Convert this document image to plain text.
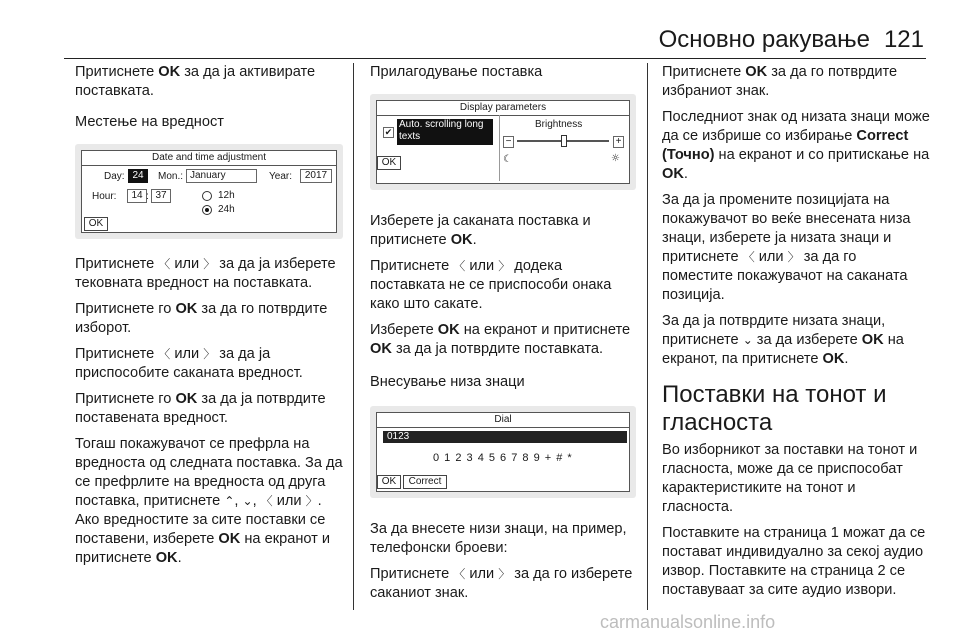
Основно ракување 121

Притиснете OK за да ја активирате поставката.

Местење на вредност
Date and time adjustment
Day: 24	Mon.: January	Year:	2017
Hour:	14 : 37	12h
24h
OK

Притиснете 〈 или 〉 за да ја изберете тековната вредност на поставката.

Притиснете го OK за да го потврдите изборот.

Притиснете 〈 или 〉 за да ја приспособите саканата вредност.

Притиснете го OK за да ја потврдите поставената вредност.

Тогаш покажувачот се префрла на вредноста од следната поставка. За да се префрлите на вредноста од друга поставка, притиснете ⌃, ⌄, 〈 или 〉. Ако вредностите за сите поставки се поставени, изберете OK на екранот и притиснете OK.

Прилагодување поставка
Display parameters
✔
Auto. scrolling long texts
Brightness
−	+
OK	☾	☼

Изберете ја саканата поставка и притиснете OK.

Притиснете 〈 или 〉 додека поставката не се приспособи онака како што сакате.

Изберете OK на екранот и притиснете OK за да ја потврдите поставката.

Внесување низа знаци
Dial
0123
0 1 2 3 4 5 6 7 8 9 + # *
OK	Correct

За да внесете низи знаци, на пример, телефонски броеви:

Притиснете 〈 или 〉 за да го изберете саканиот знак.

Притиснете OK за да го потврдите избраниот знак.

Последниот знак од низата знаци може да се избрише со избирање Correct (Точно) на екранот и со притискање на OK.

За да ја промените позицијата на покажувачот во веќе внесената низа знаци, изберете ја низата знаци и притиснете 〈 или 〉 за да го поместите покажувачот на саканата позиција.

За да ја потврдите низата знаци, притиснете ⌄ за да изберете OK на екранот, па притиснете OK.

Поставки на тонот и гласноста

Во изборникот за поставки на тонот и гласноста, може да се приспособат карактеристиките на тонот и гласноста.

Поставките на страница 1 можат да се постават индивидуално за секој аудио извор. Поставките на страница 2 се поставуваат за сите аудио извори.

carmanualsonline.info
